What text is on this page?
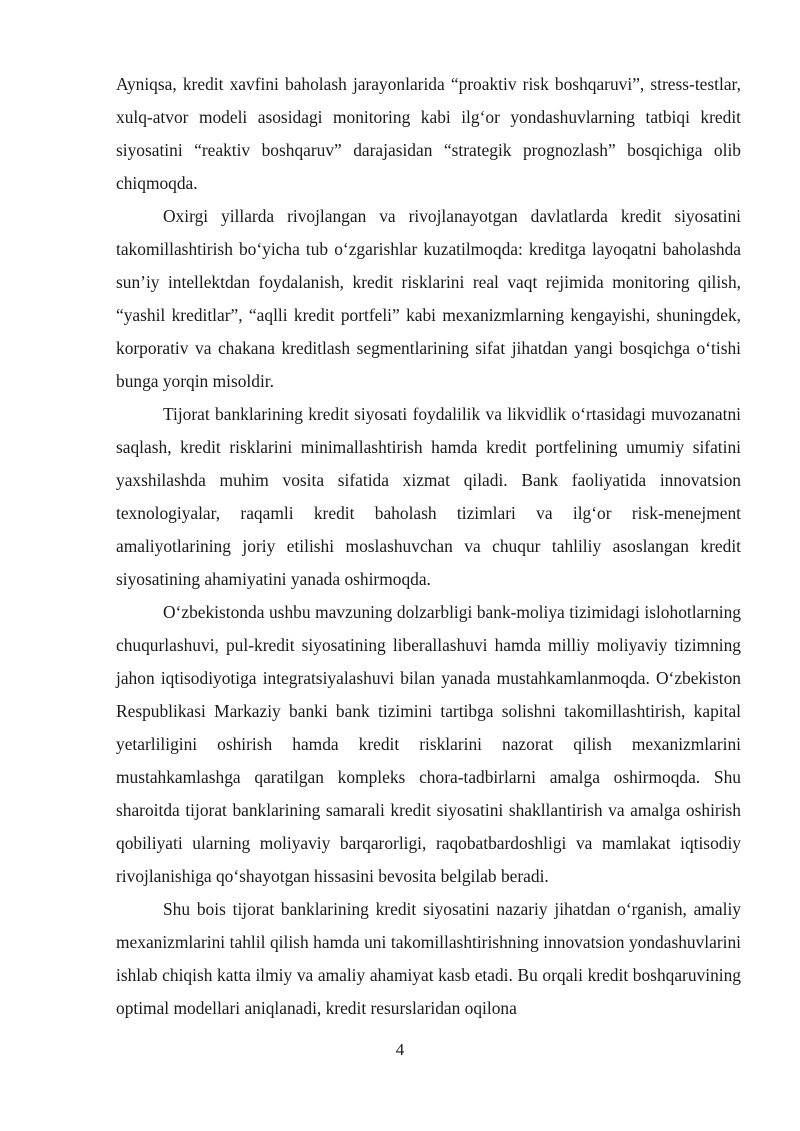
Ayniqsa, kredit xavfini baholash jarayonlarida “proaktiv risk boshqaruvi”, stress-testlar, xulq-atvor modeli asosidagi monitoring kabi ilg‘or yondashuvlarning tatbiqi kredit siyosatini “reaktiv boshqaruv” darajasidan “strategik prognozlash” bosqichiga olib chiqmoqda.

Oxirgi yillarda rivojlangan va rivojlanayotgan davlatlarda kredit siyosatini takomillashtirish bo‘yicha tub o‘zgarishlar kuzatilmoqda: kreditga layoqatni baholashda sun’iy intellektdan foydalanish, kredit risklarini real vaqt rejimida monitoring qilish, “yashil kreditlar”, “aqlli kredit portfeli” kabi mexanizmlarning kengayishi, shuningdek, korporativ va chakana kreditlash segmentlarining sifat jihatdan yangi bosqichga o‘tishi bunga yorqin misoldir.

Tijorat banklarining kredit siyosati foydalilik va likvidlik o‘rtasidagi muvozanatni saqlash, kredit risklarini minimallashtirish hamda kredit portfelining umumiy sifatini yaxshilashda muhim vosita sifatida xizmat qiladi. Bank faoliyatida innovatsion texnologiyalar, raqamli kredit baholash tizimlari va ilg‘or risk-menejment amaliyotlarining joriy etilishi moslashuvchan va chuqur tahliliy asoslangan kredit siyosatining ahamiyatini yanada oshirmoqda.

O‘zbekistonda ushbu mavzuning dolzarbligi bank-moliya tizimidagi islohotlarning chuqurlashuvi, pul-kredit siyosatining liberallashuvi hamda milliy moliyaviy tizimning jahon iqtisodiyotiga integratsiyalashuvi bilan yanada mustahkamlanmoqda. O‘zbekiston Respublikasi Markaziy banki bank tizimini tartibga solishni takomillashtirish, kapital yetarliligini oshirish hamda kredit risklarini nazorat qilish mexanizmlarini mustahkamlashga qaratilgan kompleks chora-tadbirlarni amalga oshirmoqda. Shu sharoitda tijorat banklarining samarali kredit siyosatini shakllantirish va amalga oshirish qobiliyati ularning moliyaviy barqarorligi, raqobatbardoshligi va mamlakat iqtisodiy rivojlanishiga qo‘shayotgan hissasini bevosita belgilab beradi.

Shu bois tijorat banklarining kredit siyosatini nazariy jihatdan o‘rganish, amaliy mexanizmlarini tahlil qilish hamda uni takomillashtirishning innovatsion yondashuvlarini ishlab chiqish katta ilmiy va amaliy ahamiyat kasb etadi. Bu orqali kredit boshqaruvining optimal modellari aniqlanadi, kredit resurslaridan oqilona

4
